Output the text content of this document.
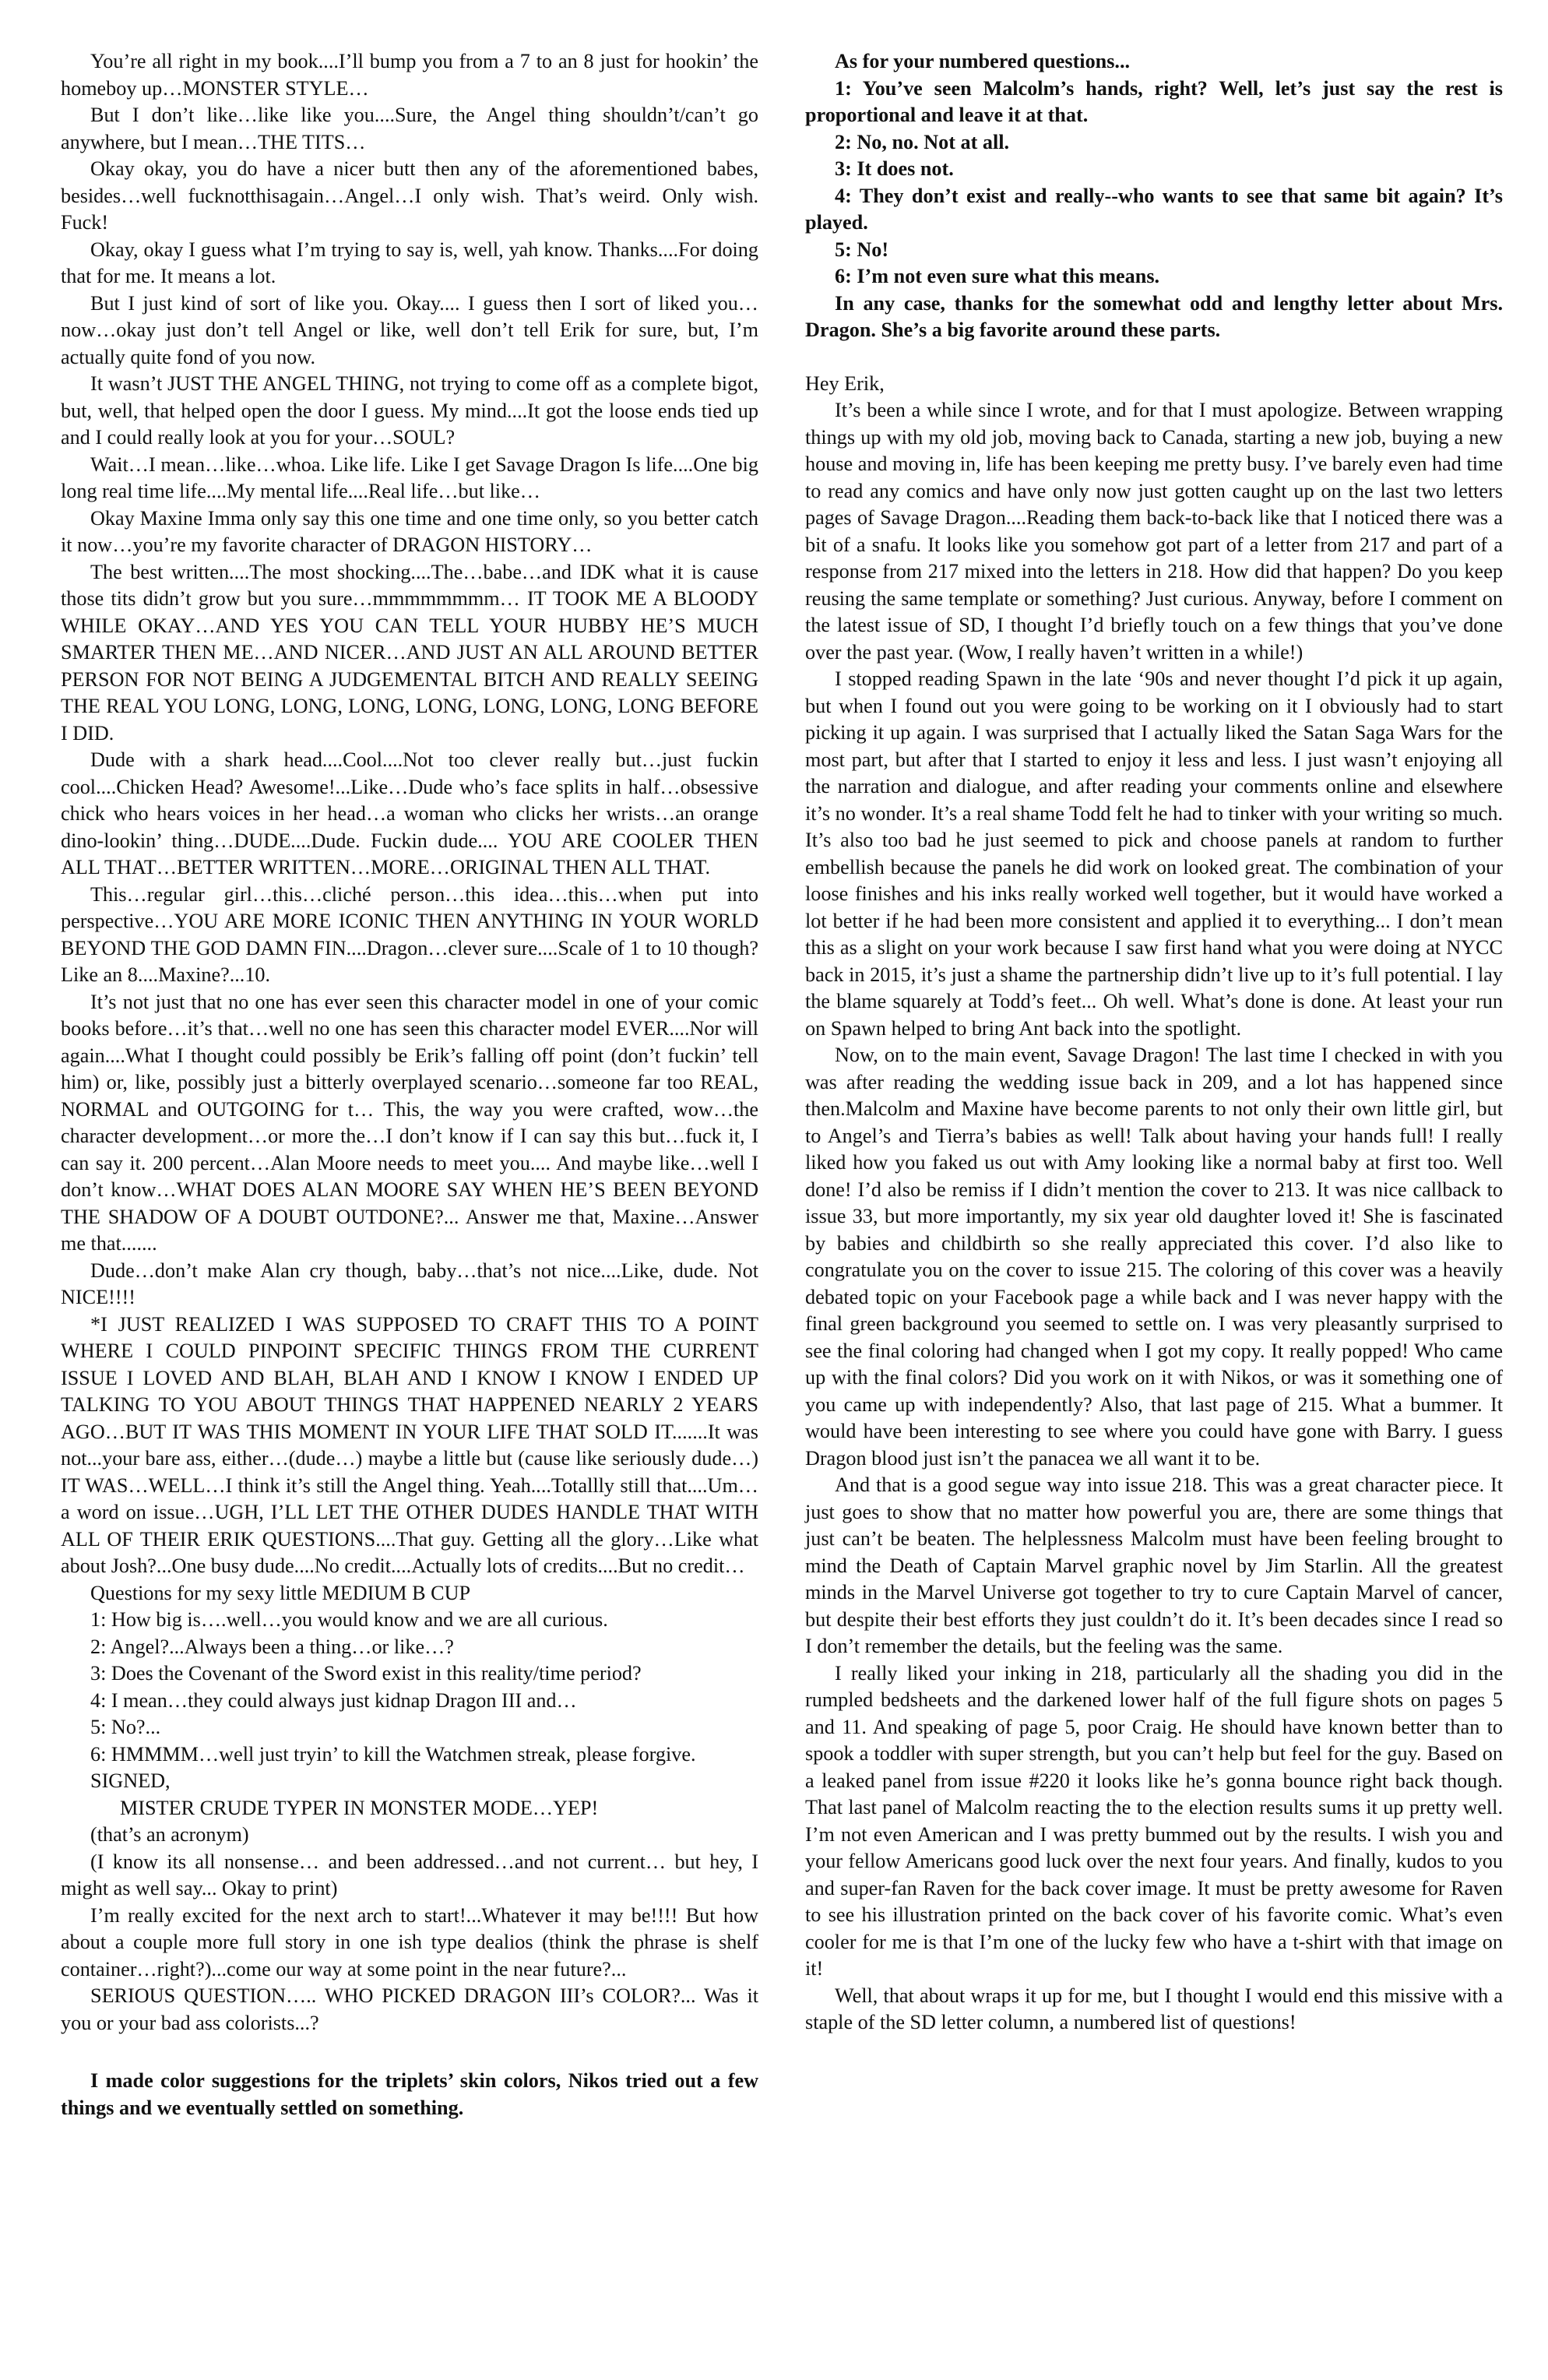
You’re all right in my book....I’ll bump you from a 7 to an 8 just for hookin’ the homeboy up…MONSTER STYLE…

But I don’t like…like like you....Sure, the Angel thing shouldn’t/can’t go anywhere, but I mean…THE TITS…

Okay okay, you do have a nicer butt then any of the aforementioned babes, besides…well fucknotthisagain…Angel…I only wish. That’s weird. Only wish. Fuck!

Okay, okay I guess what I’m trying to say is, well, yah know. Thanks....For doing that for me. It means a lot.

But I just kind of sort of like you. Okay.... I guess then I sort of liked you…now…okay just don’t tell Angel or like, well don’t tell Erik for sure, but, I’m actually quite fond of you now.

It wasn’t JUST THE ANGEL THING, not trying to come off as a complete bigot, but, well, that helped open the door I guess. My mind....It got the loose ends tied up and I could really look at you for your…SOUL?

Wait…I mean…like…whoa. Like life. Like I get Savage Dragon Is life....One big long real time life....My mental life....Real life…but like…

Okay Maxine Imma only say this one time and one time only, so you better catch it now…you’re my favorite character of DRAGON HISTORY…

The best written....The most shocking....The…babe…and IDK what it is cause those tits didn’t grow but you sure…mmmmmmmm… IT TOOK ME A BLOODY WHILE OKAY…AND YES YOU CAN TELL YOUR HUBBY HE’S MUCH SMARTER THEN ME…AND NICER…AND JUST AN ALL AROUND BETTER PERSON FOR NOT BEING A JUDGEMENTAL BITCH AND REALLY SEEING THE REAL YOU LONG, LONG, LONG, LONG, LONG, LONG, LONG BEFORE I DID.

Dude with a shark head....Cool....Not too clever really but…just fuckin cool....Chicken Head? Awesome!...Like…Dude who’s face splits in half…obsessive chick who hears voices in her head…a woman who clicks her wrists…an orange dino-lookin’ thing…DUDE....Dude. Fuckin dude.... YOU ARE COOLER THEN ALL THAT…BETTER WRITTEN…MORE…ORIGINAL THEN ALL THAT.

This…regular girl…this…cliché person…this idea…this…when put into perspective…YOU ARE MORE ICONIC THEN ANYTHING IN YOUR WORLD BEYOND THE GOD DAMN FIN....Dragon…clever sure....Scale of 1 to 10 though? Like an 8....Maxine?...10.

It’s not just that no one has ever seen this character model in one of your comic books before…it’s that…well no one has seen this character model EVER....Nor will again....What I thought could possibly be Erik’s falling off point (don’t fuckin’ tell him) or, like, possibly just a bitterly overplayed scenario…someone far too REAL, NORMAL and OUTGOING for t… This, the way you were crafted, wow…the character development…or more the…I don’t know if I can say this but…fuck it, I can say it. 200 percent…Alan Moore needs to meet you.... And maybe like…well I don’t know…WHAT DOES ALAN MOORE SAY WHEN HE’S BEEN BEYOND THE SHADOW OF A DOUBT OUTDONE?... Answer me that, Maxine…Answer me that.......

Dude…don’t make Alan cry though, baby…that’s not nice....Like, dude. Not NICE!!!!

*I JUST REALIZED I WAS SUPPOSED TO CRAFT THIS TO A POINT WHERE I COULD PINPOINT SPECIFIC THINGS FROM THE CURRENT ISSUE I LOVED AND BLAH, BLAH AND I KNOW I KNOW I ENDED UP TALKING TO YOU ABOUT THINGS THAT HAPPENED NEARLY 2 YEARS AGO…BUT IT WAS THIS MOMENT IN YOUR LIFE THAT SOLD IT.......It was not...your bare ass, either…(dude…) maybe a little but (cause like seriously dude…) IT WAS…WELL…I think it’s still the Angel thing. Yeah....Totallly still that....Um…a word on issue…UGH, I’LL LET THE OTHER DUDES HANDLE THAT WITH ALL OF THEIR ERIK QUESTIONS....That guy. Getting all the glory…Like what about Josh?...One busy dude....No credit....Actually lots of credits....But no credit…

Questions for my sexy little MEDIUM B CUP

1: How big is….well…you would know and we are all curious.

2: Angel?...Always been a thing…or like…?

3: Does the Covenant of the Sword exist in this reality/time period?

4: I mean…they could always just kidnap Dragon III and…

5: No?...

6: HMMMM…well just tryin’ to kill the Watchmen streak, please forgive.

SIGNED,

MISTER CRUDE TYPER IN MONSTER MODE…YEP!

(that’s an acronym)

(I know its all nonsense… and been addressed…and not current… but hey, I might as well say... Okay to print)

I’m really excited for the next arch to start!...Whatever it may be!!!! But how about a couple more full story in one ish type dealios (think the phrase is shelf container…right?)...come our way at some point in the near future?...

SERIOUS QUESTION….. WHO PICKED DRAGON III’s COLOR?... Was it you or your bad ass colorists...?

I made color suggestions for the triplets’ skin colors, Nikos tried out a few things and we eventually settled on something.

As for your numbered questions...

1: You’ve seen Malcolm’s hands, right? Well, let’s just say the rest is proportional and leave it at that.

2: No, no. Not at all.

3: It does not.

4: They don’t exist and really--who wants to see that same bit again? It’s played.

5: No!

6: I’m not even sure what this means.

In any case, thanks for the somewhat odd and lengthy letter about Mrs. Dragon. She’s a big favorite around these parts.

Hey Erik,

It’s been a while since I wrote, and for that I must apologize. Between wrapping things up with my old job, moving back to Canada, starting a new job, buying a new house and moving in, life has been keeping me pretty busy. I’ve barely even had time to read any comics and have only now just gotten caught up on the last two letters pages of Savage Dragon....Reading them back-to-back like that I noticed there was a bit of a snafu. It looks like you somehow got part of a letter from 217 and part of a response from 217 mixed into the letters in 218. How did that happen? Do you keep reusing the same template or something? Just curious. Anyway, before I comment on the latest issue of SD, I thought I’d briefly touch on a few things that you’ve done over the past year. (Wow, I really haven’t written in a while!)

I stopped reading Spawn in the late ‘90s and never thought I’d pick it up again, but when I found out you were going to be working on it I obviously had to start picking it up again. I was surprised that I actually liked the Satan Saga Wars for the most part, but after that I started to enjoy it less and less. I just wasn’t enjoying all the narration and dialogue, and after reading your comments online and elsewhere it’s no wonder. It’s a real shame Todd felt he had to tinker with your writing so much. It’s also too bad he just seemed to pick and choose panels at random to further embellish because the panels he did work on looked great. The combination of your loose finishes and his inks really worked well together, but it would have worked a lot better if he had been more consistent and applied it to everything... I don’t mean this as a slight on your work because I saw first hand what you were doing at NYCC back in 2015, it’s just a shame the partnership didn’t live up to it’s full potential. I lay the blame squarely at Todd’s feet... Oh well. What’s done is done. At least your run on Spawn helped to bring Ant back into the spotlight.

Now, on to the main event, Savage Dragon! The last time I checked in with you was after reading the wedding issue back in 209, and a lot has happened since then.Malcolm and Maxine have become parents to not only their own little girl, but to Angel’s and Tierra’s babies as well! Talk about having your hands full! I really liked how you faked us out with Amy looking like a normal baby at first too. Well done! I’d also be remiss if I didn’t mention the cover to 213. It was nice callback to issue 33, but more importantly, my six year old daughter loved it! She is fascinated by babies and childbirth so she really appreciated this cover. I’d also like to congratulate you on the cover to issue 215. The coloring of this cover was a heavily debated topic on your Facebook page a while back and I was never happy with the final green background you seemed to settle on. I was very pleasantly surprised to see the final coloring had changed when I got my copy. It really popped! Who came up with the final colors? Did you work on it with Nikos, or was it something one of you came up with independently? Also, that last page of 215. What a bummer. It would have been interesting to see where you could have gone with Barry. I guess Dragon blood just isn’t the panacea we all want it to be.

And that is a good segue way into issue 218. This was a great character piece. It just goes to show that no matter how powerful you are, there are some things that just can’t be beaten. The helplessness Malcolm must have been feeling brought to mind the Death of Captain Marvel graphic novel by Jim Starlin. All the greatest minds in the Marvel Universe got together to try to cure Captain Marvel of cancer, but despite their best efforts they just couldn’t do it. It’s been decades since I read so I don’t remember the details, but the feeling was the same.

I really liked your inking in 218, particularly all the shading you did in the rumpled bedsheets and the darkened lower half of the full figure shots on pages 5 and 11. And speaking of page 5, poor Craig. He should have known better than to spook a toddler with super strength, but you can’t help but feel for the guy. Based on a leaked panel from issue #220 it looks like he’s gonna bounce right back though. That last panel of Malcolm reacting the to the election results sums it up pretty well. I’m not even American and I was pretty bummed out by the results. I wish you and your fellow Americans good luck over the next four years. And finally, kudos to you and super-fan Raven for the back cover image. It must be pretty awesome for Raven to see his illustration printed on the back cover of his favorite comic. What’s even cooler for me is that I’m one of the lucky few who have a t-shirt with that image on it!

Well, that about wraps it up for me, but I thought I would end this missive with a staple of the SD letter column, a numbered list of questions!
